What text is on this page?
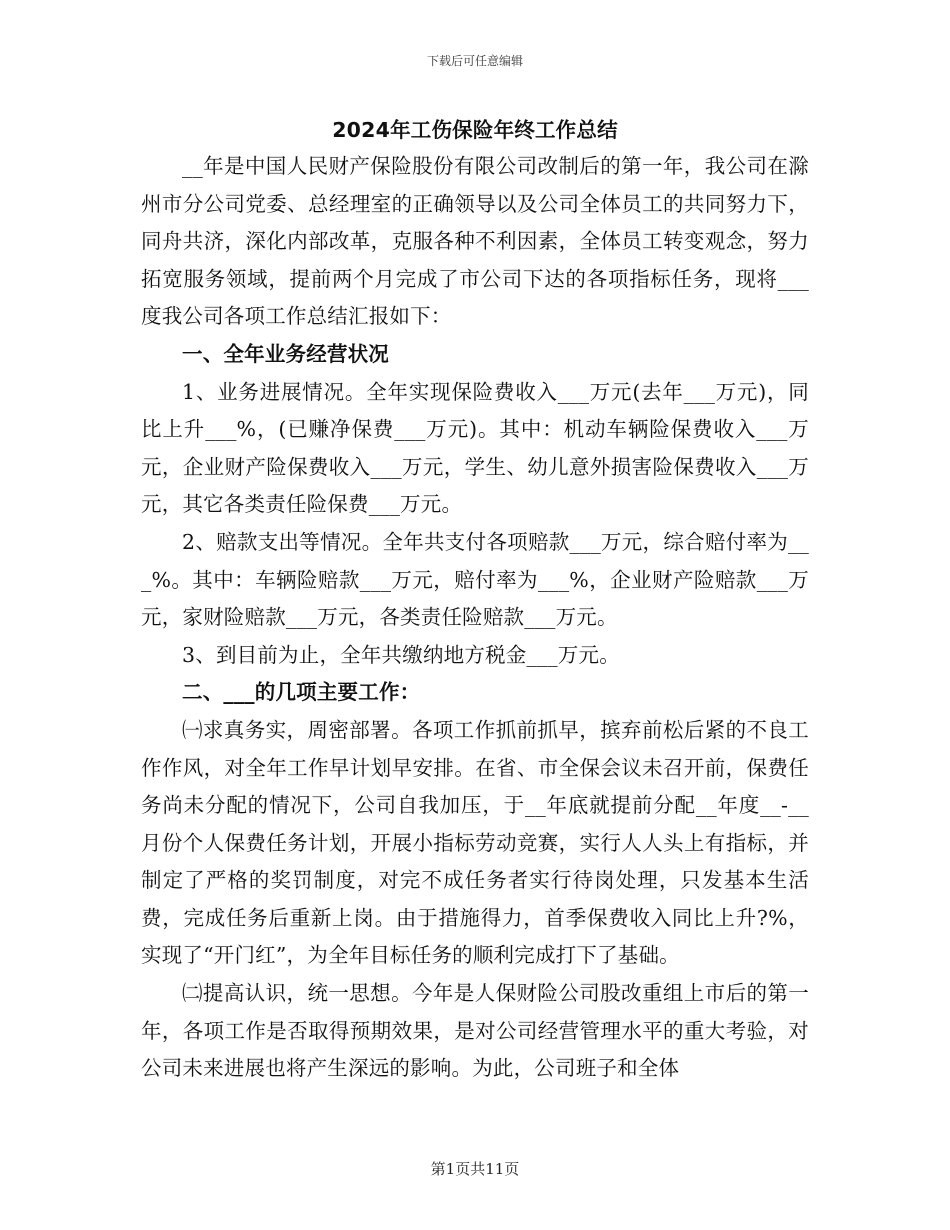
下载后可任意编辑
2024年工伤保险年终工作总结

__年是中国人民财产保险股份有限公司改制后的第一年，我公司在滁州市分公司党委、总经理室的正确领导以及公司全体员工的共同努力下，同舟共济，深化内部改革，克服各种不利因素，全体员工转变观念，努力拓宽服务领域，提前两个月完成了市公司下达的各项指标任务，现将___度我公司各项工作总结汇报如下：

一、全年业务经营状况

1、业务进展情况。全年实现保险费收入___万元(去年___万元)，同比上升___%，(已赚净保费___万元)。其中：机动车辆险保费收入___万元，企业财产险保费收入___万元，学生、幼儿意外损害险保费收入___万元，其它各类责任险保费___万元。

2、赔款支出等情况。全年共支付各项赔款___万元，综合赔付率为___%。其中：车辆险赔款___万元，赔付率为___%，企业财产险赔款___万元，家财险赔款___万元，各类责任险赔款___万元。

3、到目前为止，全年共缴纳地方税金___万元。

二、___的几项主要工作：

㈠求真务实，周密部署。各项工作抓前抓早，摈弃前松后紧的不良工作作风，对全年工作早计划早安排。在省、市全保会议未召开前，保费任务尚未分配的情况下，公司自我加压，于__年底就提前分配__年度__-__月份个人保费任务计划，开展小指标劳动竞赛，实行人人头上有指标，并制定了严格的奖罚制度，对完不成任务者实行待岗处理，只发基本生活费，完成任务后重新上岗。由于措施得力，首季保费收入同比上升?%，实现了“开门红”，为全年目标任务的顺利完成打下了基础。

㈡提高认识，统一思想。今年是人保财险公司股改重组上市后的第一年，各项工作是否取得预期效果，是对公司经营管理水平的重大考验，对公司未来进展也将产生深远的影响。为此，公司班子和全体

第1页共11页
